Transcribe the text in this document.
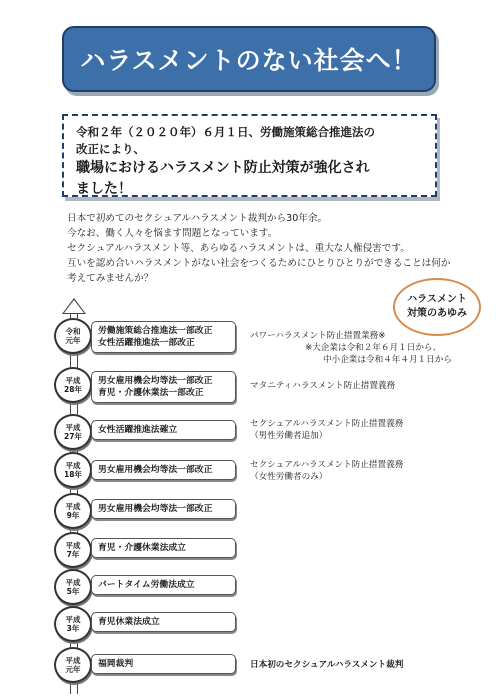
ハラスメントのない社会へ！
令和２年（２０２０年）６月１日、労働施策総合推進法の
改正により、
職場におけるハラスメント防止対策が強化され
ました！

日本で初めてのセクシュアルハラスメント裁判から30年余。

今なお、働く人々を悩ます問題となっています。

セクシュアルハラスメント等、あらゆるハラスメントは、重大な人権侵害です。

互いを認め合いハラスメントがない社会をつくるためにひとりひとりができることは何か

考えてみませんか？

ハラスメント
対策のあゆみ
令和
元年
労働施策総合推進法一部改正
女性活躍推進法一部改正
パワーハラスメント防止措置業務※
※大企業は令和２年６月１日から、
中小企業は令和４年４月１日から
平成
28年
男女雇用機会均等法一部改正
育児・介護休業法一部改正
マタニティハラスメント防止措置義務
平成
27年
女性活躍推進法確立
セクシュアルハラスメント防止措置義務
（男性労働者追加）
平成
18年 男女雇用機会均等法一部改正	セクシュアルハラスメント防止措置義務
（女性労働者のみ）
平成
9年
男女雇用機会均等法一部改正
平成
7年
育児・介護休業法成立
平成
5年
パートタイム労働法成立
平成
3年
育児休業法成立
平成
元年
福岡裁判	日本初のセクシュアルハラスメント裁判
